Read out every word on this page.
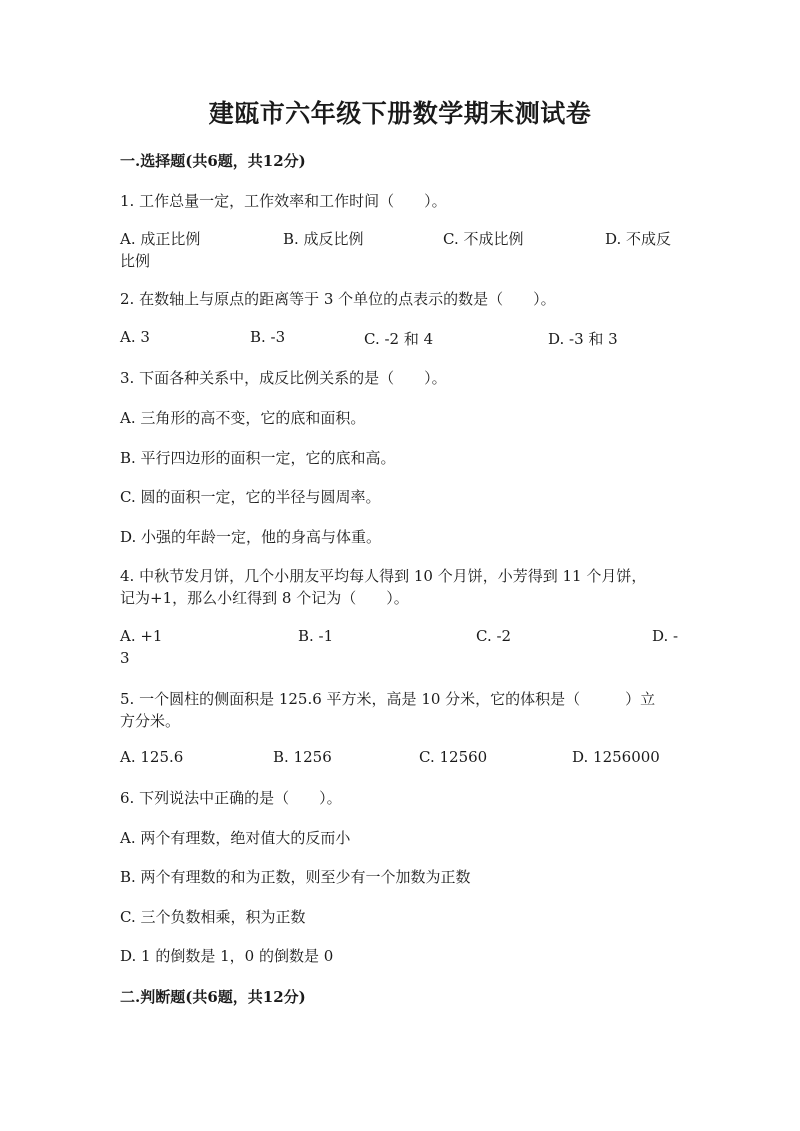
建瓯市六年级下册数学期末测试卷
一.选择题(共6题，共12分)
1. 工作总量一定，工作效率和工作时间（　　）。
A. 成正比例	B. 成反比例	C. 不成比例	D. 不成反
比例
2. 在数轴上与原点的距离等于 3 个单位的点表示的数是（　　）。
A. 3	B. -3	C. -2 和 4	D. -3 和 3
3. 下面各种关系中，成反比例关系的是（　　）。
A. 三角形的高不变，它的底和面积。
B. 平行四边形的面积一定，它的底和高。
C. 圆的面积一定，它的半径与圆周率。
D. 小强的年龄一定，他的身高与体重。
4. 中秋节发月饼，几个小朋友平均每人得到 10 个月饼，小芳得到 11 个月饼，
记为+1，那么小红得到 8 个记为（　　）。
A. +1	B. -1	C. -2	D. -
3
5. 一个圆柱的侧面积是 125.6 平方米，高是 10 分米，它的体积是（　　　）立
方分米。
A. 125.6	B. 1256	C. 12560	D. 1256000
6. 下列说法中正确的是（　　）。
A. 两个有理数，绝对值大的反而小
B. 两个有理数的和为正数，则至少有一个加数为正数
C. 三个负数相乘，积为正数
D. 1 的倒数是 1，0 的倒数是 0
二.判断题(共6题，共12分)
